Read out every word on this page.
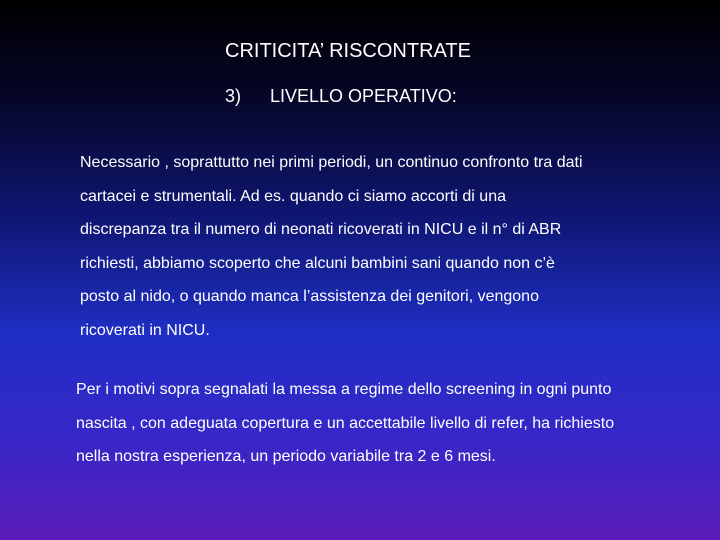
CRITICITA’ RISCONTRATE
3) LIVELLO OPERATIVO:
Necessario , soprattutto nei primi periodi, un continuo confronto tra dati
cartacei e strumentali. Ad es. quando ci siamo accorti di una
discrepanza tra il numero di neonati ricoverati in NICU e il n° di ABR
richiesti, abbiamo scoperto che alcuni bambini sani quando non c’è
posto al nido, o quando manca l’assistenza dei genitori, vengono
ricoverati in NICU.
Per i motivi sopra segnalati la messa a regime dello screening in ogni punto
nascita , con adeguata copertura e un accettabile livello di refer, ha richiesto
nella nostra esperienza, un periodo variabile tra 2 e 6 mesi.
